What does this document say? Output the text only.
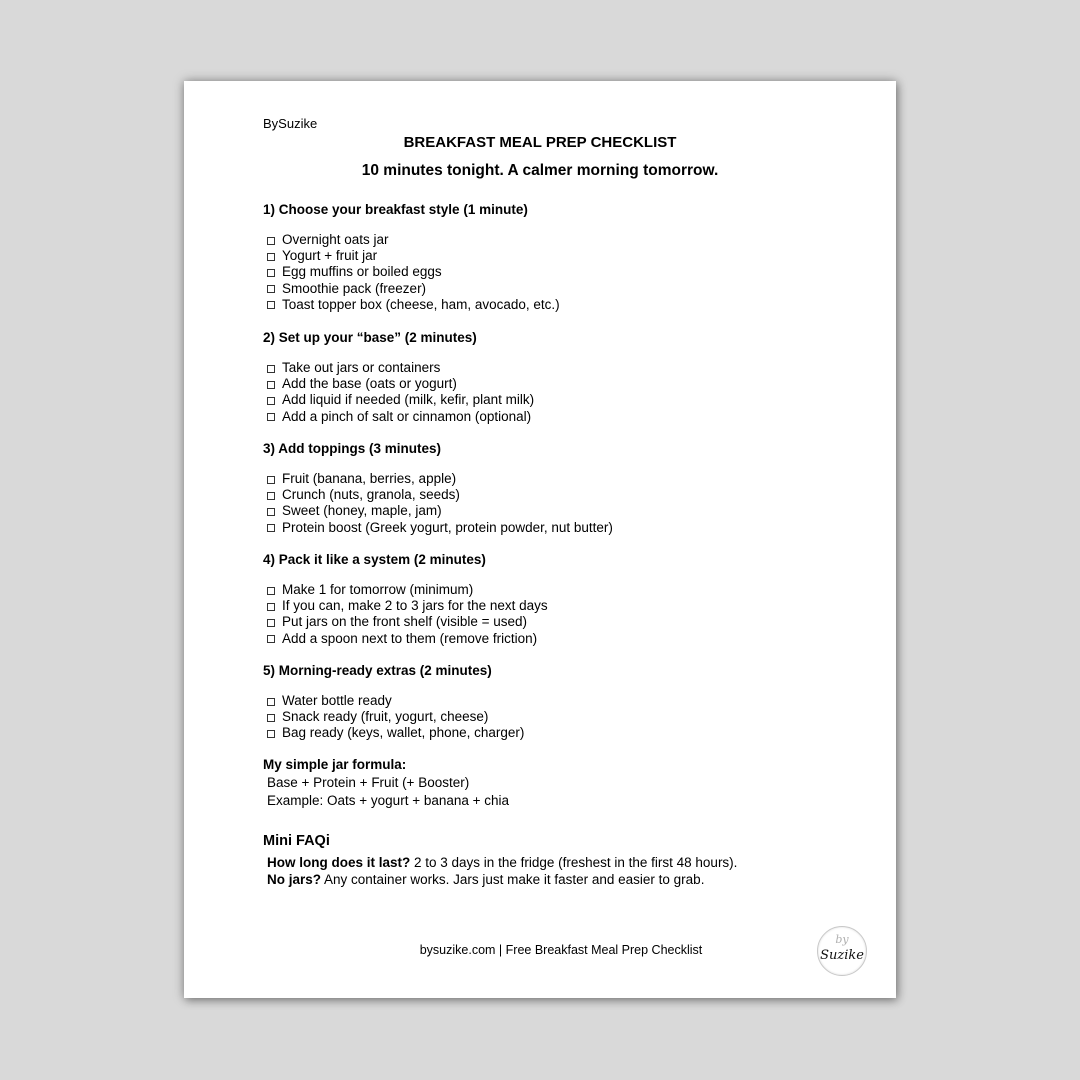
BySuzike
BREAKFAST MEAL PREP CHECKLIST
10 minutes tonight. A calmer morning tomorrow.
1) Choose your breakfast style (1 minute)
Overnight oats jar
Yogurt + fruit jar
Egg muffins or boiled eggs
Smoothie pack (freezer)
Toast topper box (cheese, ham, avocado, etc.)
2) Set up your “base” (2 minutes)
Take out jars or containers
Add the base (oats or yogurt)
Add liquid if needed (milk, kefir, plant milk)
Add a pinch of salt or cinnamon (optional)
3) Add toppings (3 minutes)
Fruit (banana, berries, apple)
Crunch (nuts, granola, seeds)
Sweet (honey, maple, jam)
Protein boost (Greek yogurt, protein powder, nut butter)
4) Pack it like a system (2 minutes)
Make 1 for tomorrow (minimum)
If you can, make 2 to 3 jars for the next days
Put jars on the front shelf (visible = used)
Add a spoon next to them (remove friction)
5) Morning-ready extras (2 minutes)
Water bottle ready
Snack ready (fruit, yogurt, cheese)
Bag ready (keys, wallet, phone, charger)
My simple jar formula:
Base + Protein + Fruit (+ Booster)
Example: Oats + yogurt + banana + chia
Mini FAQi
How long does it last? 2 to 3 days in the fridge (freshest in the first 48 hours).
No jars? Any container works. Jars just make it faster and easier to grab.
bysuzike.com | Free Breakfast Meal Prep Checklist
by
Suzike
